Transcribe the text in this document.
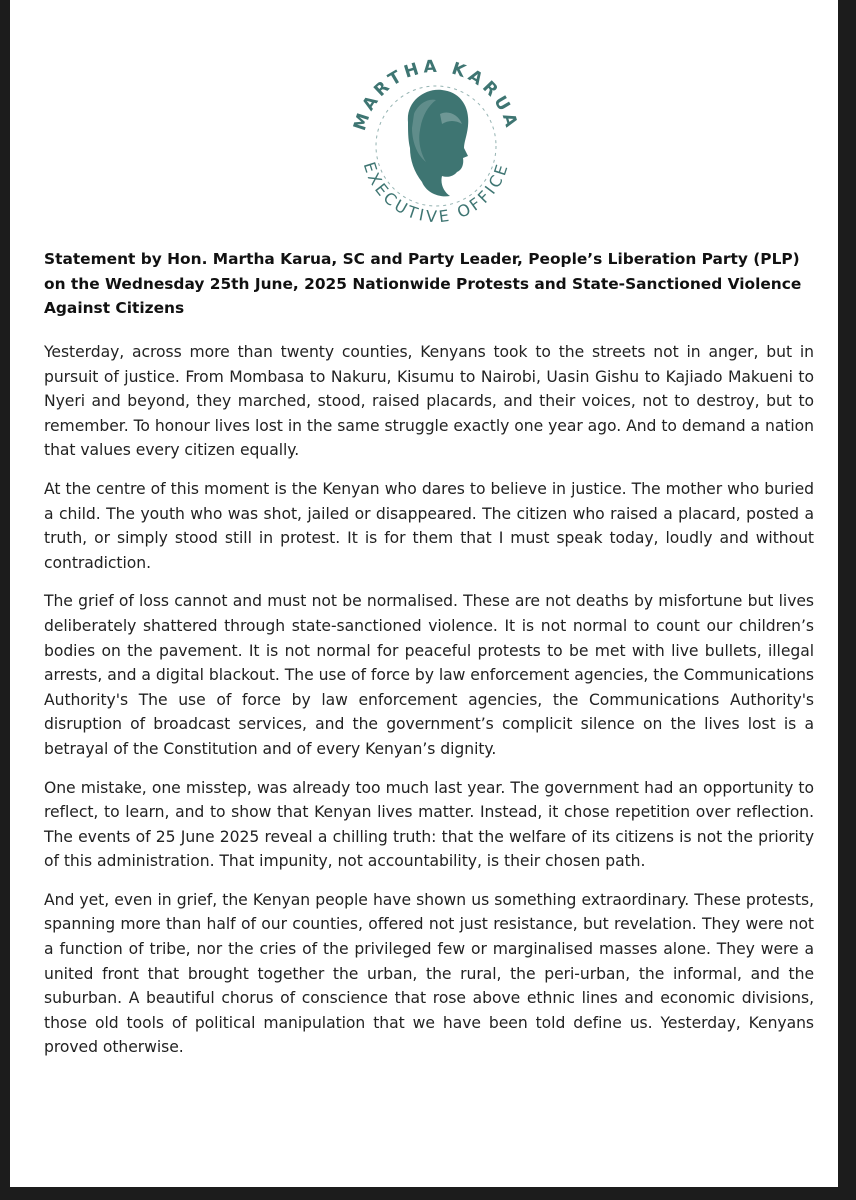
MARTHA KARUA
EXECUTIVE OFFICE
Statement by Hon. Martha Karua, SC and Party Leader, People’s Liberation Party (PLP) on the Wednesday 25th June, 2025 Nationwide Protests and State-Sanctioned Violence Against Citizens

Yesterday, across more than twenty counties, Kenyans took to the streets not in anger, but in pursuit of justice. From Mombasa to Nakuru, Kisumu to Nairobi, Uasin Gishu to Kajiado Makueni to Nyeri and beyond, they marched, stood, raised placards, and their voices, not to destroy, but to remember. To honour lives lost in the same struggle exactly one year ago. And to demand a nation that values every citizen equally.

At the centre of this moment is the Kenyan who dares to believe in justice. The mother who buried a child. The youth who was shot, jailed or disappeared. The citizen who raised a placard, posted a truth, or simply stood still in protest. It is for them that I must speak today, loudly and without contradiction.

The grief of loss cannot and must not be normalised. These are not deaths by misfortune but lives deliberately shattered through state-sanctioned violence. It is not normal to count our children’s bodies on the pavement. It is not normal for peaceful protests to be met with live bullets, illegal arrests, and a digital blackout. The use of force by law enforcement agencies, the Communications Authority's The use of force by law enforcement agencies, the Communications Authority's disruption of broadcast services, and the government’s complicit silence on the lives lost is a betrayal of the Constitution and of every Kenyan’s dignity.

One mistake, one misstep, was already too much last year. The government had an opportunity to reflect, to learn, and to show that Kenyan lives matter. Instead, it chose repetition over reflection. The events of 25 June 2025 reveal a chilling truth: that the welfare of its citizens is not the priority of this administration. That impunity, not accountability, is their chosen path.

And yet, even in grief, the Kenyan people have shown us something extraordinary. These protests, spanning more than half of our counties, offered not just resistance, but revelation. They were not a function of tribe, nor the cries of the privileged few or marginalised masses alone. They were a united front that brought together the urban, the rural, the peri-urban, the informal, and the suburban. A beautiful chorus of conscience that rose above ethnic lines and economic divisions, those old tools of political manipulation that we have been told define us. Yesterday, Kenyans proved otherwise.
